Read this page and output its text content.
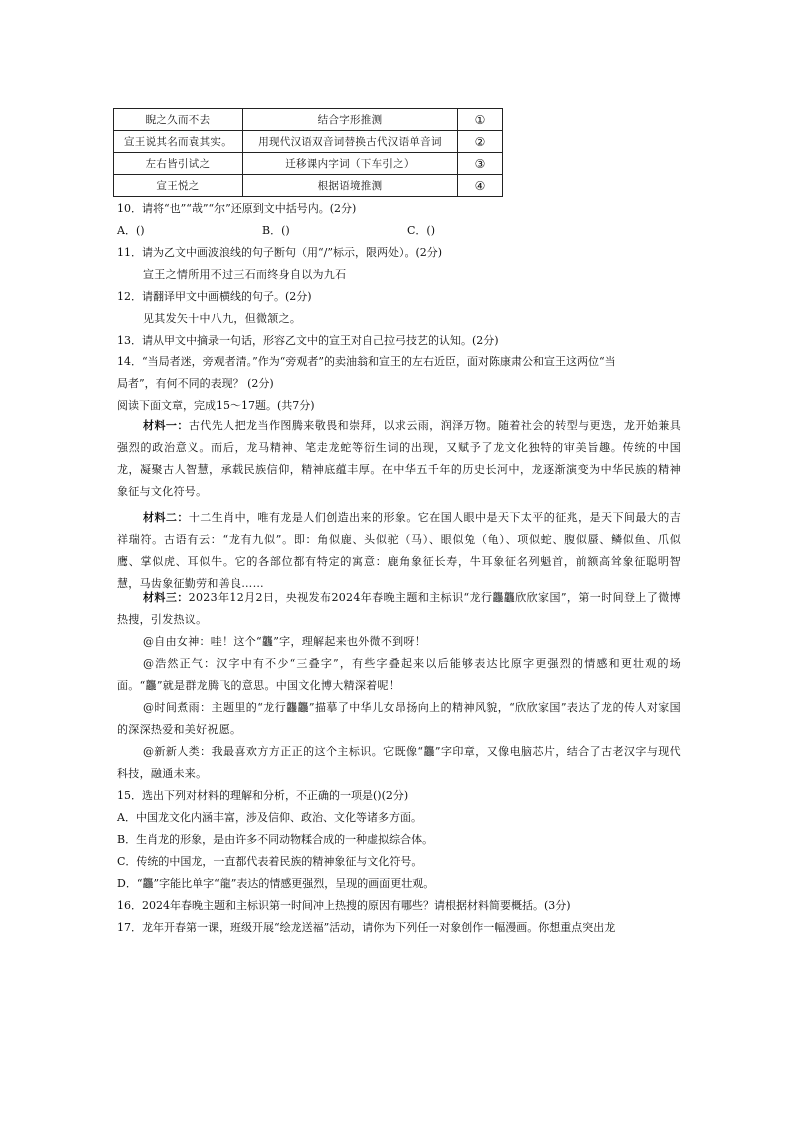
睨之久而不去	结合字形推测	①
宣王说其名而袁其实。	用现代汉语双音词替换古代汉语单音词	②
左右皆引试之	迁移课内字词（下车引之）	③
宣王悦之	根据语境推测	④
10．请将“也”“哉”“尔”还原到文中括号内。(2分)
A．()	B．()	C．()
11．请为乙文中画波浪线的句子断句（用“/”标示，限两处）。(2分)
宣王之情所用不过三石而终身自以为九石
12．请翻译甲文中画横线的句子。(2分)
见其发矢十中八九，但微颔之。
13．请从甲文中摘录一句话，形容乙文中的宣王对自己拉弓技艺的认知。(2分)
14．“当局者迷，旁观者清。”作为“旁观者”的卖油翁和宣王的左右近臣，面对陈康肃公和宣王这两位“当
局者”，有何不同的表现？ (2分)
阅读下面文章，完成15～17题。(共7分)
材料一：古代先人把龙当作图腾来敬畏和崇拜，以求云雨，润泽万物。随着社会的转型与更迭，龙开始兼具强烈的政治意义。而后，龙马精神、笔走龙蛇等衍生词的出现，又赋予了龙文化独特的审美旨趣。传统的中国龙，凝聚古人智慧，承载民族信仰，精神底蕴丰厚。在中华五千年的历史长河中，龙逐渐演变为中华民族的精神象征与文化符号。
材料二：十二生肖中，唯有龙是人们创造出来的形象。它在国人眼中是天下太平的征兆，是天下间最大的吉祥瑞符。古语有云：“龙有九似”。即：角似鹿、头似驼（马）、眼似兔（龟）、项似蛇、腹似蜃、鳞似鱼、爪似鹰、掌似虎、耳似牛。它的各部位都有特定的寓意：鹿角象征长寿，牛耳象征名列魁首，前额高耸象征聪明智慧，马齿象征勤劳和善良……
材料三：2023年12月2日，央视发布2024年春晚主题和主标识“龙行龘龘欣欣家国”，第一时间登上了微博热搜，引发热议。
@自由女神：哇！这个“龘”字，理解起来也外微不到呀！
@浩然正气：汉字中有不少“三叠字”，有些字叠起来以后能够表达比原字更强烈的情感和更壮观的场面。“龘”就是群龙腾飞的意思。中国文化博大精深着呢！
@时间煮雨：主题里的“龙行龘龘”描摹了中华儿女昂扬向上的精神风貌，“欣欣家国”表达了龙的传人对家国的深深热爱和美好祝愿。
@新新人类：我最喜欢方方正正的这个主标识。它既像“龘”字印章，又像电脑芯片，结合了古老汉字与现代科技，融通未来。
15．选出下列对材料的理解和分析，不正确的一项是()(2分)
A．中国龙文化内涵丰富，涉及信仰、政治、文化等诸多方面。
B．生肖龙的形象，是由许多不同动物糅合成的一种虚拟综合体。
C．传统的中国龙，一直都代表着民族的精神象征与文化符号。
D．“龘”字能比单字“龍”表达的情感更强烈，呈现的画面更壮观。
16．2024年春晚主题和主标识第一时间冲上热搜的原因有哪些？请根据材料简要概括。(3分)
17．龙年开春第一课，班级开展“绘龙送福”活动，请你为下列任一对象创作一幅漫画。你想重点突出龙
